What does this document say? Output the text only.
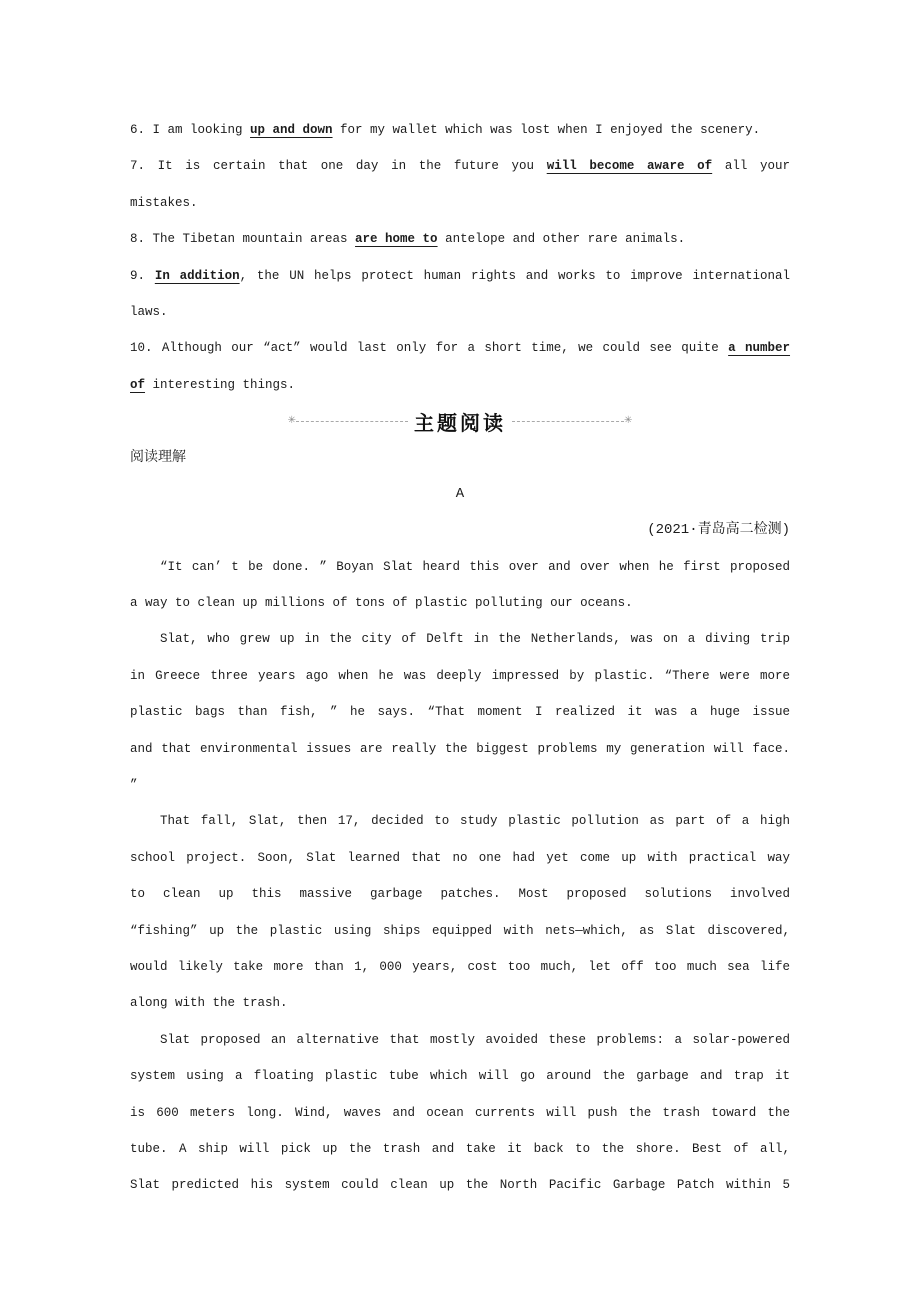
6. I am looking up and down for my wallet which was lost when I enjoyed the scenery.
7. It is certain that one day in the future you will become aware of all your
mistakes.
8. The Tibetan mountain areas are home to antelope and other rare animals.
9. In addition, the UN helps protect human rights and works to improve international
laws.
10. Although our “act” would last only for a short time, we could see quite a number
of interesting things.
✳	主题阅读	✳
阅读理解
A
(2021·青岛高二检测)
“It can’ t be done. ” Boyan Slat heard this over and over when he first proposed
a way to clean up millions of tons of plastic polluting our oceans.
Slat, who grew up in the city of Delft in the Netherlands, was on a diving trip
in Greece three years ago when he was deeply impressed by plastic. “There were more
plastic bags than fish, ” he says. “That moment I realized it was a huge issue
and that environmental issues are really the biggest problems my generation will face.
”
That fall, Slat, then 17, decided to study plastic pollution as part of a high
school project. Soon, Slat learned that no one had yet come up with practical way
to clean up this massive garbage patches. Most proposed solutions involved
“fishing” up the plastic using ships equipped with nets—which, as Slat discovered,
would likely take more than 1, 000 years, cost too much, let off too much sea life
along with the trash.
Slat proposed an alternative that mostly avoided these problems: a solar-powered
system using a floating plastic tube which will go around the garbage and trap it
is 600 meters long. Wind, waves and ocean currents will push the trash toward the
tube. A ship will pick up the trash and take it back to the shore. Best of all,
Slat predicted his system could clean up the North Pacific Garbage Patch within 5
